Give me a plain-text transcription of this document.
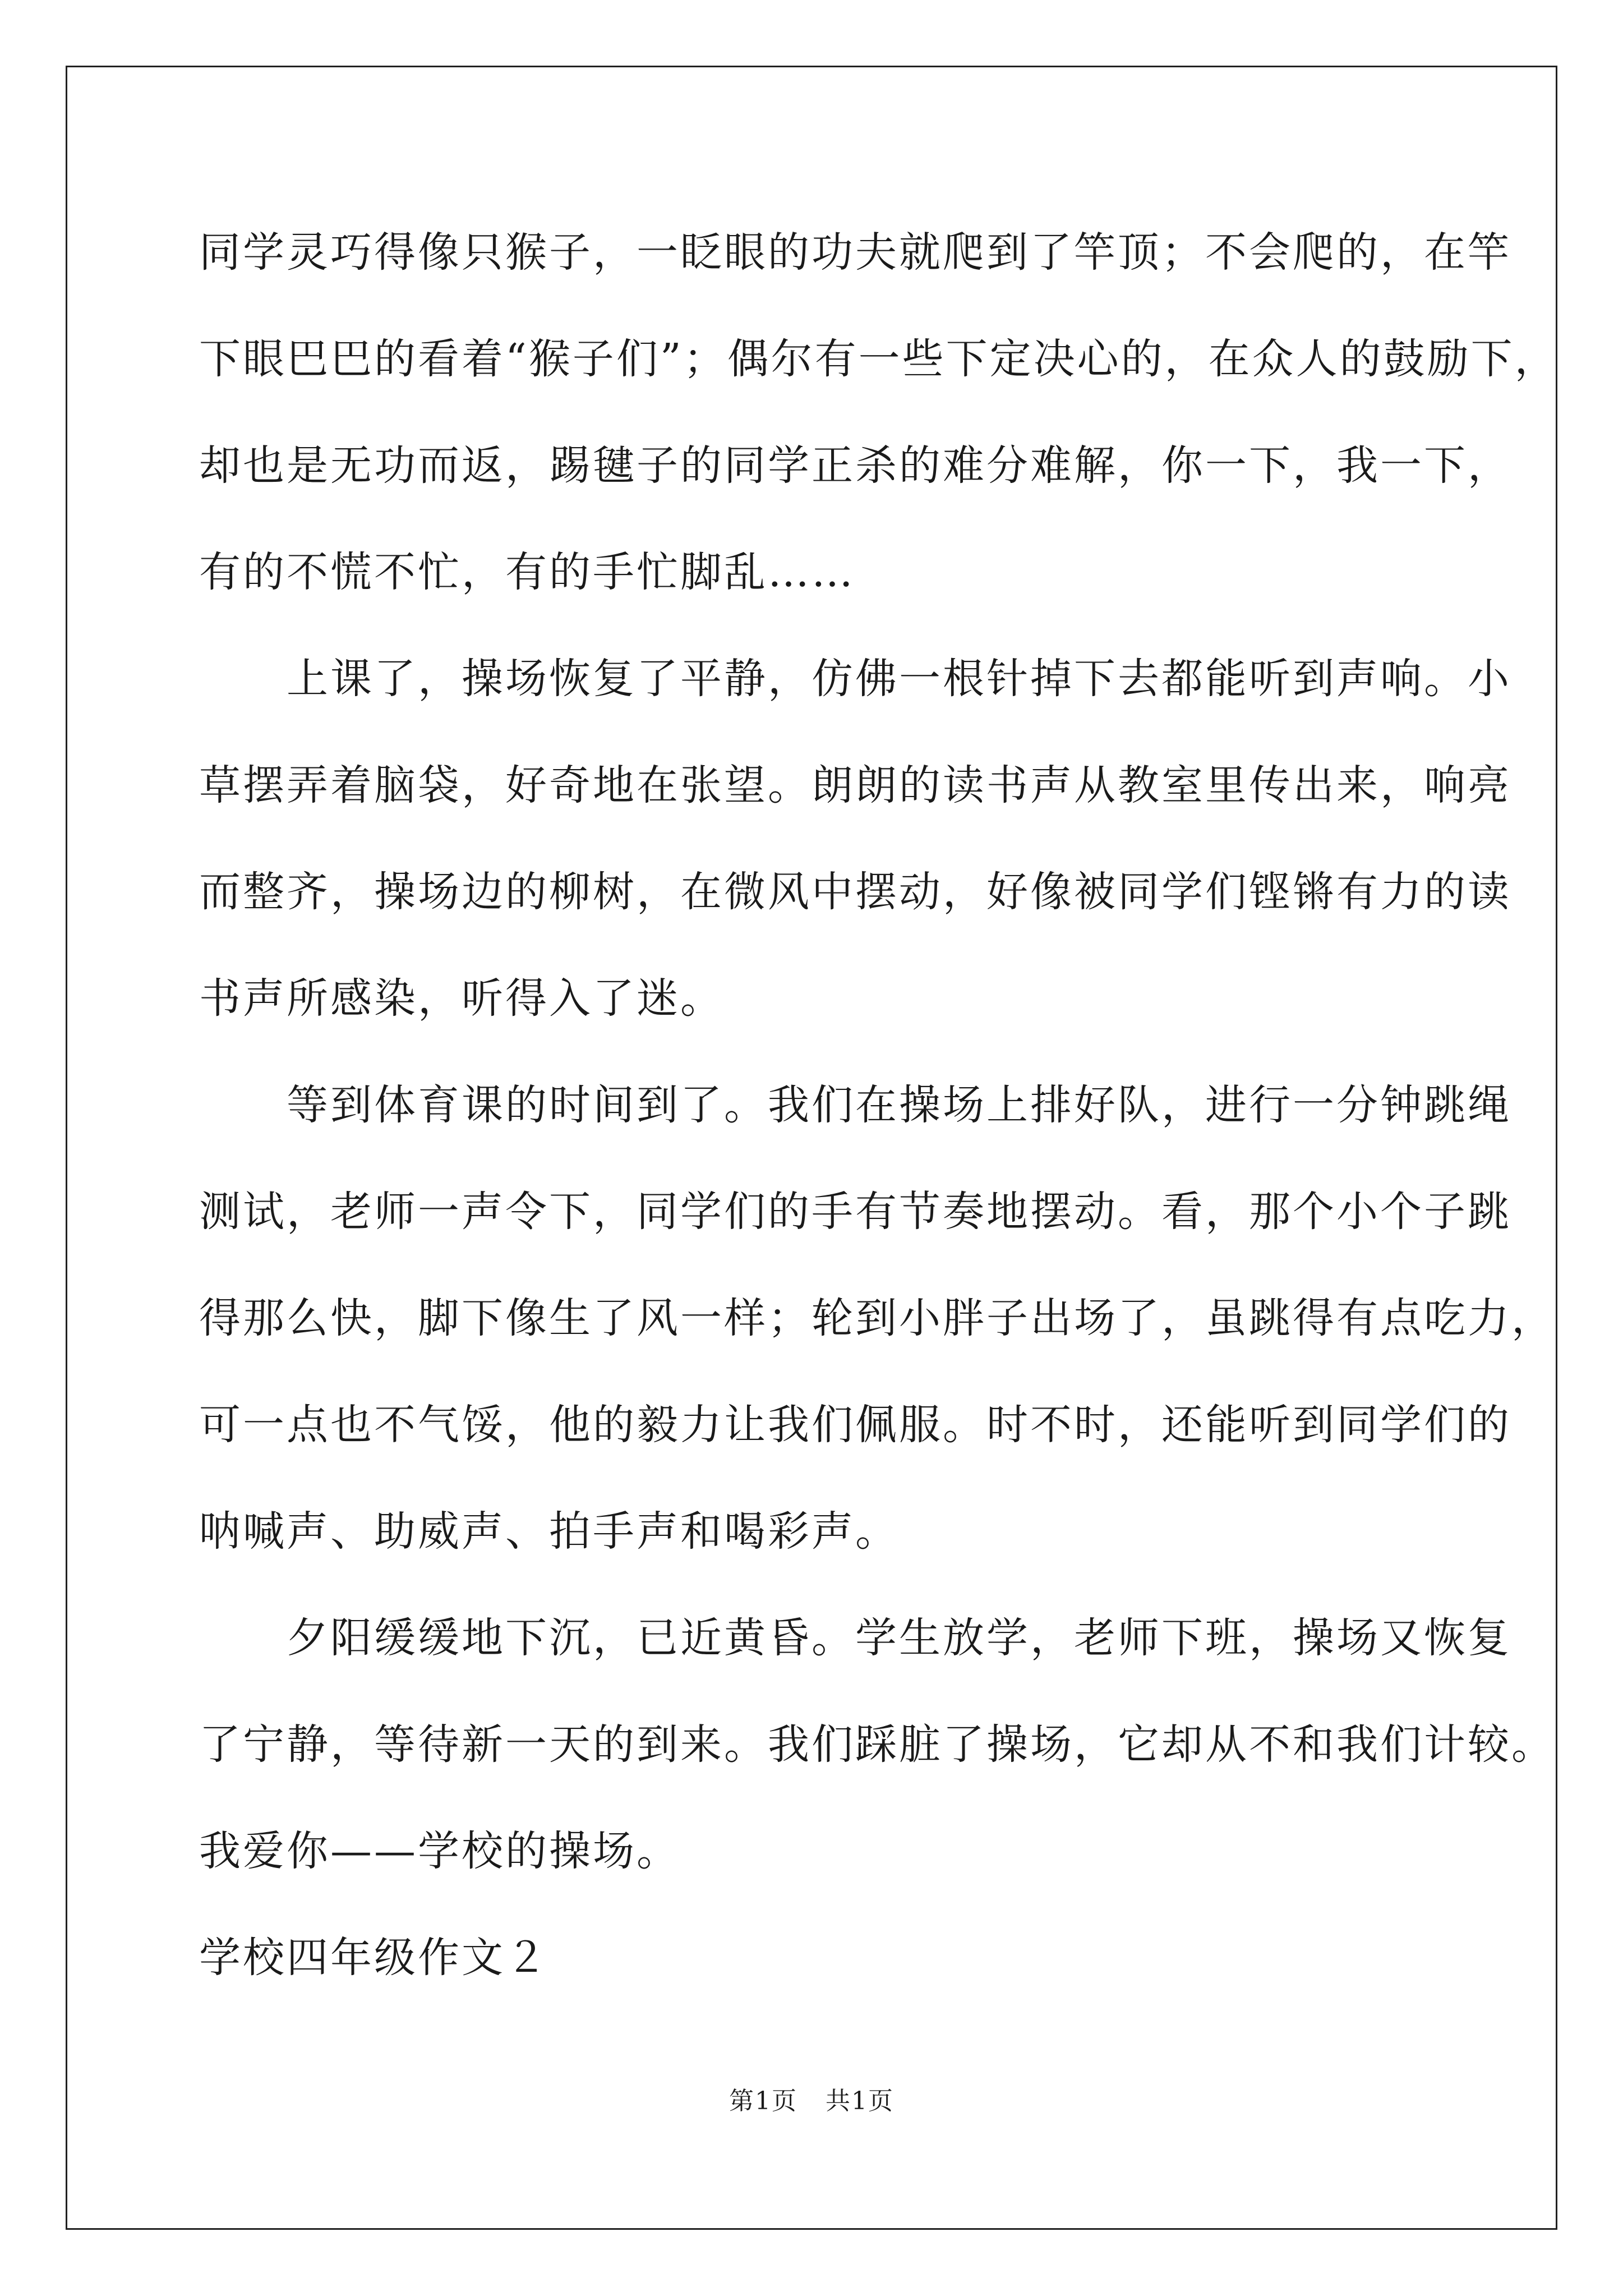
同学灵巧得像只猴子，一眨眼的功夫就爬到了竿顶；不会爬的，在竿
下眼巴巴的看着“猴子们”；偶尔有一些下定决心的，在众人的鼓励下，
却也是无功而返，踢毽子的同学正杀的难分难解，你一下，我一下，
有的不慌不忙，有的手忙脚乱……
　　上课了，操场恢复了平静，仿佛一根针掉下去都能听到声响。小
草摆弄着脑袋，好奇地在张望。朗朗的读书声从教室里传出来，响亮
而整齐，操场边的柳树，在微风中摆动，好像被同学们铿锵有力的读
书声所感染，听得入了迷。
　　等到体育课的时间到了。我们在操场上排好队，进行一分钟跳绳
测试，老师一声令下，同学们的手有节奏地摆动。看，那个小个子跳
得那么快，脚下像生了风一样；轮到小胖子出场了，虽跳得有点吃力，
可一点也不气馁，他的毅力让我们佩服。时不时，还能听到同学们的
呐喊声、助威声、拍手声和喝彩声。
　　夕阳缓缓地下沉，已近黄昏。学生放学，老师下班，操场又恢复
了宁静，等待新一天的到来。我们踩脏了操场，它却从不和我们计较。
我爱你——学校的操场。
学校四年级作文２
第1页 共1页
